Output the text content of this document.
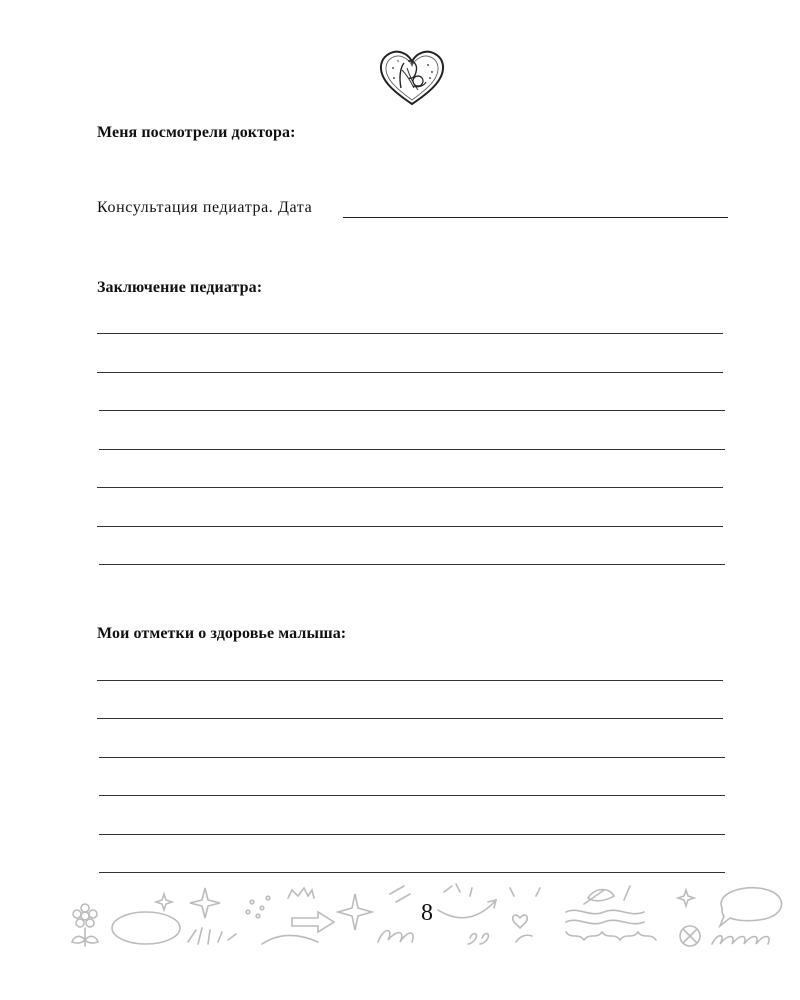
Меня посмотрели доктора:
Консультация педиатра. Дата
Заключение педиатра:
Мои отметки о здоровье малыша:
8
